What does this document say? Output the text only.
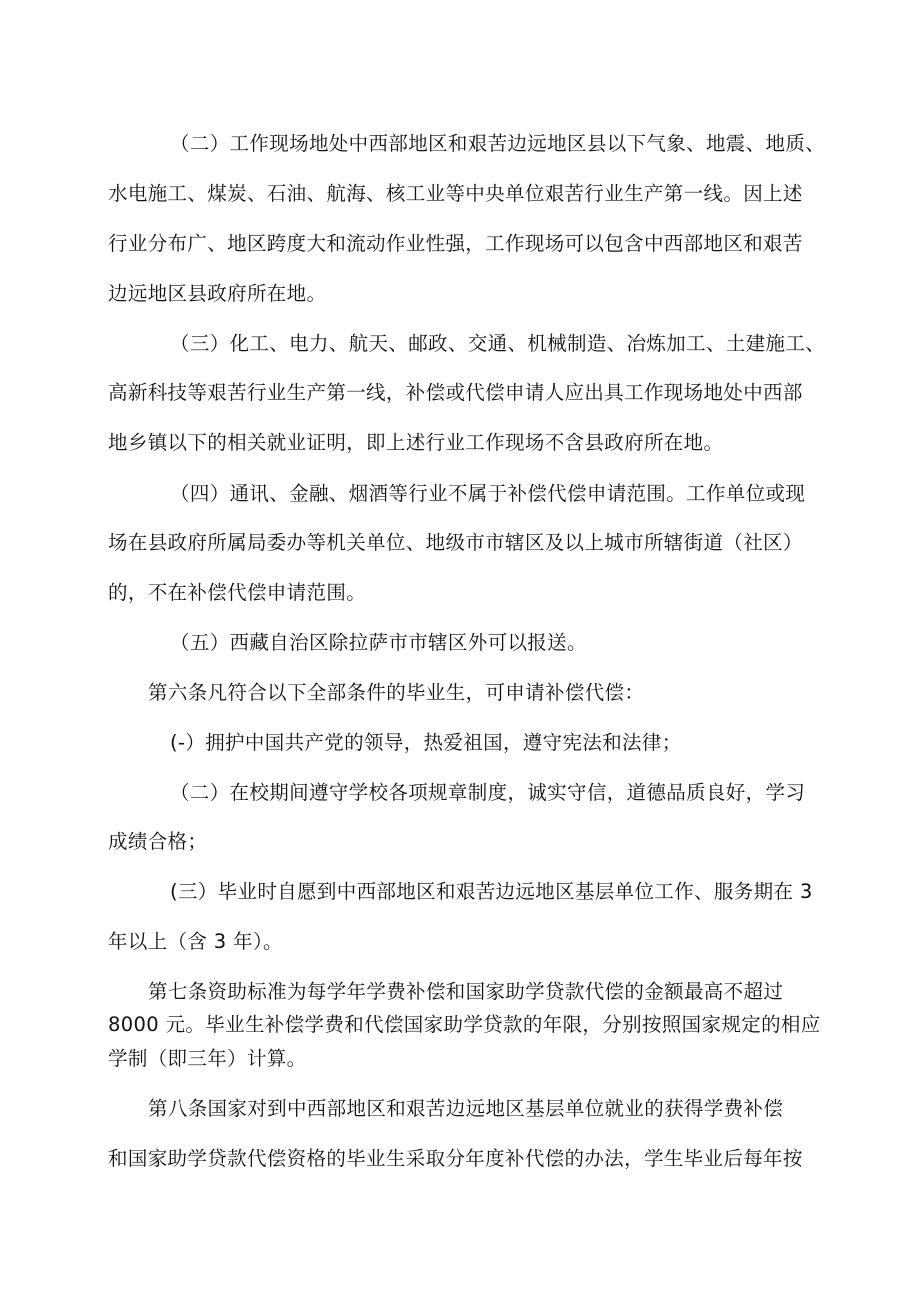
（二）工作现场地处中西部地区和艰苦边远地区县以下气象、地震、地质、
水电施工、煤炭、石油、航海、核工业等中央单位艰苦行业生产第一线。因上述
行业分布广、地区跨度大和流动作业性强，工作现场可以包含中西部地区和艰苦
边远地区县政府所在地。
（三）化工、电力、航天、邮政、交通、机械制造、冶炼加工、土建施工、
高新科技等艰苦行业生产第一线，补偿或代偿申请人应出具工作现场地处中西部
地乡镇以下的相关就业证明，即上述行业工作现场不含县政府所在地。
（四）通讯、金融、烟酒等行业不属于补偿代偿申请范围。工作单位或现
场在县政府所属局委办等机关单位、地级市市辖区及以上城市所辖街道（社区）
的，不在补偿代偿申请范围。
（五）西藏自治区除拉萨市市辖区外可以报送。
第六条凡符合以下全部条件的毕业生，可申请补偿代偿：
(-）拥护中国共产党的领导，热爱祖国，遵守宪法和法律；
（二）在校期间遵守学校各项规章制度，诚实守信，道德品质良好，学习
成绩合格；
(三）毕业时自愿到中西部地区和艰苦边远地区基层单位工作、服务期在 3
年以上（含 3 年）。
第七条资助标准为每学年学费补偿和国家助学贷款代偿的金额最高不超过
8000 元。毕业生补偿学费和代偿国家助学贷款的年限，分别按照国家规定的相应
学制（即三年）计算。
第八条国家对到中西部地区和艰苦边远地区基层单位就业的获得学费补偿
和国家助学贷款代偿资格的毕业生采取分年度补代偿的办法，学生毕业后每年按
